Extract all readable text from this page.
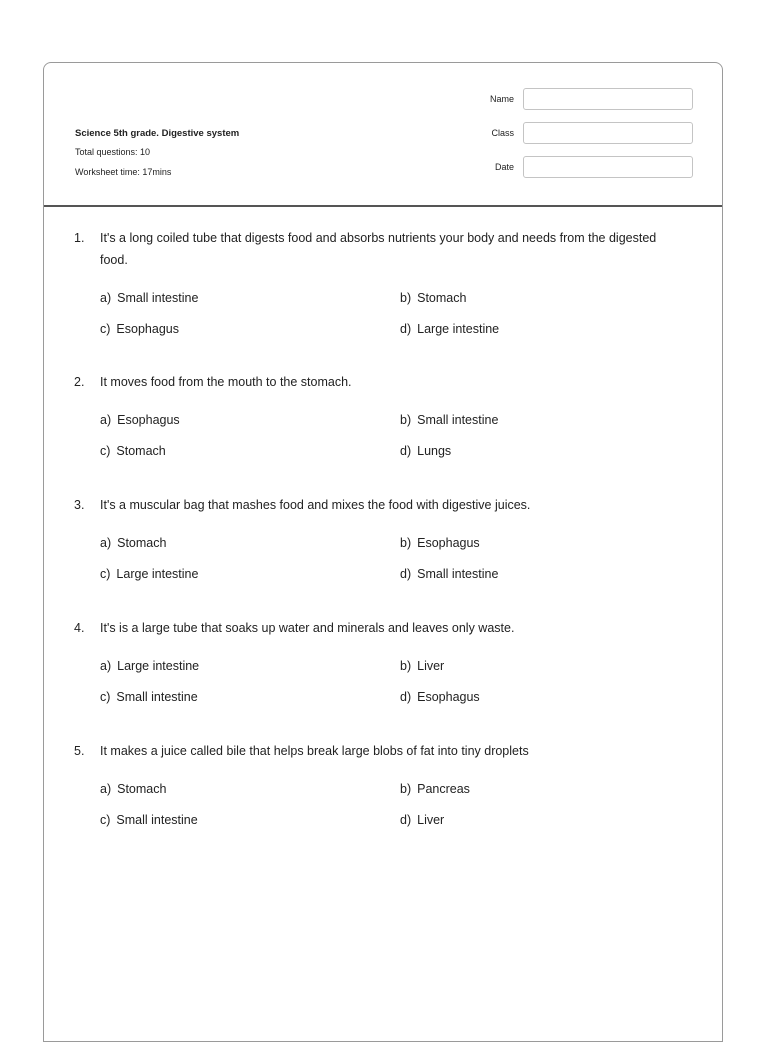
Science 5th grade. Digestive system
Total questions: 10
Worksheet time: 17mins
Name
Class
Date
1. It's a long coiled tube that digests food and absorbs nutrients your body and needs from the digested food.
a) Small intestine	b) Stomach
c) Esophagus	d) Large intestine
2. It moves food from the mouth to the stomach.
a) Esophagus	b) Small intestine
c) Stomach	d) Lungs
3. It's a muscular bag that mashes food and mixes the food with digestive juices.
a) Stomach	b) Esophagus
c) Large intestine	d) Small intestine
4. It's is a large tube that soaks up water and minerals and leaves only waste.
a) Large intestine	b) Liver
c) Small intestine	d) Esophagus
5. It makes a juice called bile that helps break large blobs of fat into tiny droplets
a) Stomach	b) Pancreas
c) Small intestine	d) Liver
